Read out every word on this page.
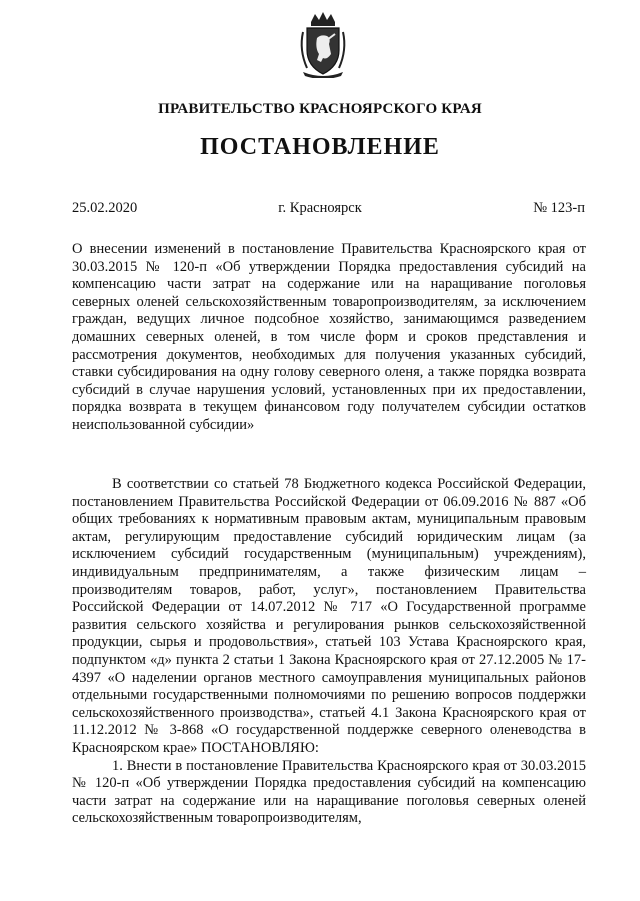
ПРАВИТЕЛЬСТВО КРАСНОЯРСКОГО КРАЯ
ПОСТАНОВЛЕНИЕ
25.02.2020	г. Красноярск	№ 123-п
О внесении изменений в постановление Правительства Красноярского края от 30.03.2015 № 120-п «Об утверждении Порядка предоставления субсидий на компенсацию части затрат на содержание или на наращивание поголовья северных оленей сельскохозяйственным товаропроизводителям, за исключением граждан, ведущих личное подсобное хозяйство, занимающимся разведением домашних северных оленей, в том числе форм и сроков представления и рассмотрения документов, необходимых для получения указанных субсидий, ставки субсидирования на одну голову северного оленя, а также порядка возврата субсидий в случае нарушения условий, установленных при их предоставлении, порядка возврата в текущем финансовом году получателем субсидии остатков неиспользованной субсидии»

В соответствии со статьей 78 Бюджетного кодекса Российской Федерации, постановлением Правительства Российской Федерации от 06.09.2016 № 887 «Об общих требованиях к нормативным правовым актам, муниципальным правовым актам, регулирующим предоставление субсидий юридическим лицам (за исключением субсидий государственным (муниципальным) учреждениям), индивидуальным предпринимателям, а также физическим лицам – производителям товаров, работ, услуг», постановлением Правительства Российской Федерации от 14.07.2012 № 717 «О Государственной программе развития сельского хозяйства и регулирования рынков сельскохозяйственной продукции, сырья и продовольствия», статьей 103 Устава Красноярского края, подпунктом «д» пункта 2 статьи 1 Закона Красноярского края от 27.12.2005 № 17-4397 «О наделении органов местного самоуправления муниципальных районов отдельными государственными полномочиями по решению вопросов поддержки сельскохозяйственного производства», статьей 4.1 Закона Красноярского края от 11.12.2012 № 3-868 «О государственной поддержке северного оленеводства в Красноярском крае» ПОСТАНОВЛЯЮ:

1. Внести в постановление Правительства Красноярского края от 30.03.2015 № 120-п «Об утверждении Порядка предоставления субсидий на компенсацию части затрат на содержание или на наращивание поголовья северных оленей сельскохозяйственным товаропроизводителям,
